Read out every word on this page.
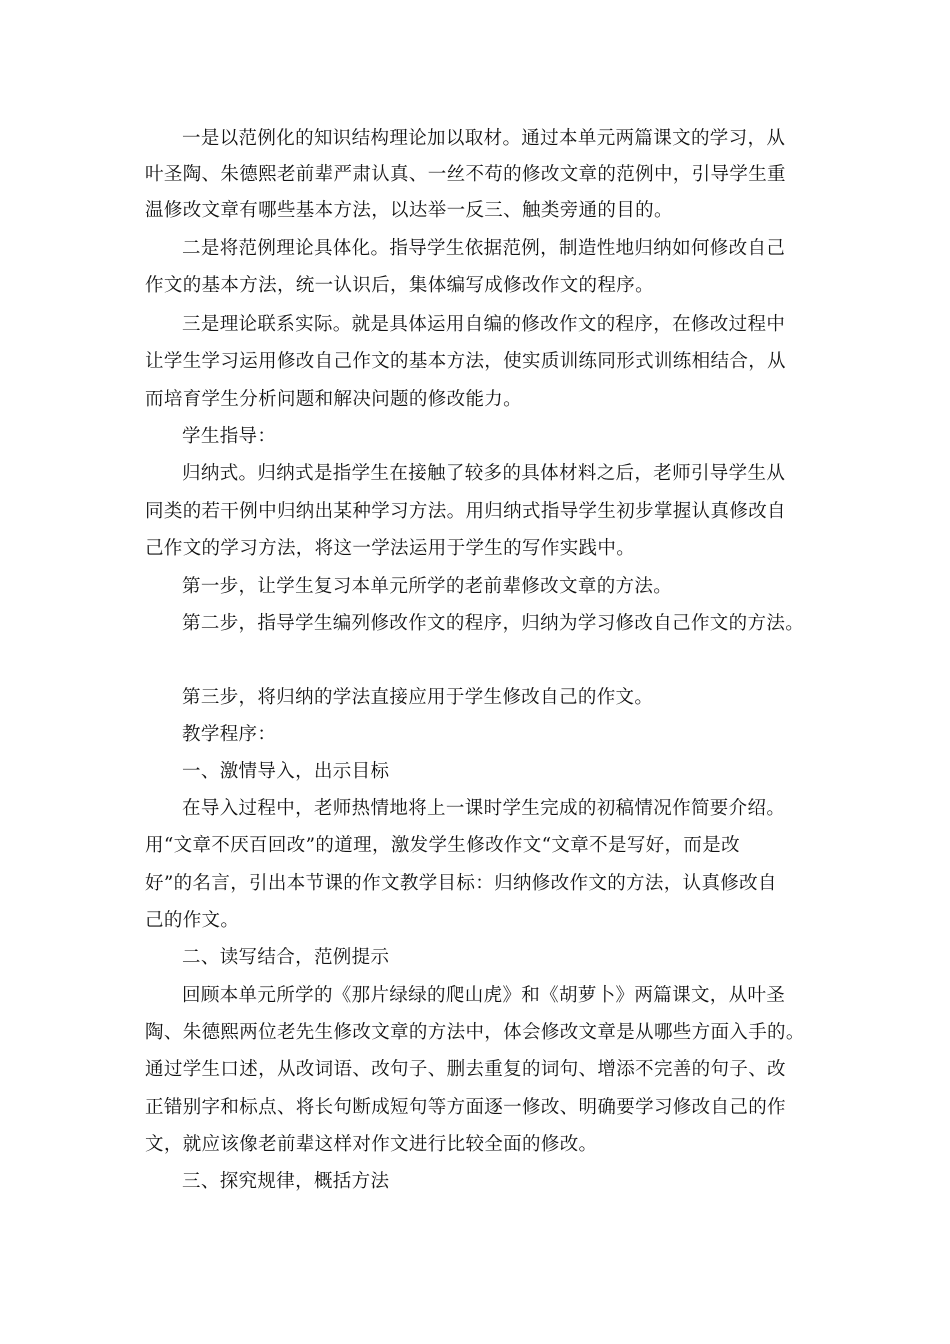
一是以范例化的知识结构理论加以取材。通过本单元两篇课文的学习，从
叶圣陶、朱德熙老前辈严肃认真、一丝不苟的修改文章的范例中，引导学生重
温修改文章有哪些基本方法，以达举一反三、触类旁通的目的。
二是将范例理论具体化。指导学生依据范例，制造性地归纳如何修改自己
作文的基本方法，统一认识后，集体编写成修改作文的程序。
三是理论联系实际。就是具体运用自编的修改作文的程序，在修改过程中
让学生学习运用修改自己作文的基本方法，使实质训练同形式训练相结合，从
而培育学生分析问题和解决问题的修改能力。
学生指导：
归纳式。归纳式是指学生在接触了较多的具体材料之后，老师引导学生从
同类的若干例中归纳出某种学习方法。用归纳式指导学生初步掌握认真修改自
己作文的学习方法，将这一学法运用于学生的写作实践中。
第一步，让学生复习本单元所学的老前辈修改文章的方法。
第二步，指导学生编列修改作文的程序，归纳为学习修改自己作文的方法。
第三步，将归纳的学法直接应用于学生修改自己的作文。
教学程序：
一、激情导入，出示目标
在导入过程中，老师热情地将上一课时学生完成的初稿情况作简要介绍。
用“文章不厌百回改”的道理，激发学生修改作文“文章不是写好，而是改
好”的名言，引出本节课的作文教学目标：归纳修改作文的方法，认真修改自
己的作文。
二、读写结合，范例提示
回顾本单元所学的《那片绿绿的爬山虎》和《胡萝卜》两篇课文，从叶圣
陶、朱德熙两位老先生修改文章的方法中，体会修改文章是从哪些方面入手的。
通过学生口述，从改词语、改句子、删去重复的词句、增添不完善的句子、改
正错别字和标点、将长句断成短句等方面逐一修改、明确要学习修改自己的作
文，就应该像老前辈这样对作文进行比较全面的修改。
三、探究规律，概括方法
